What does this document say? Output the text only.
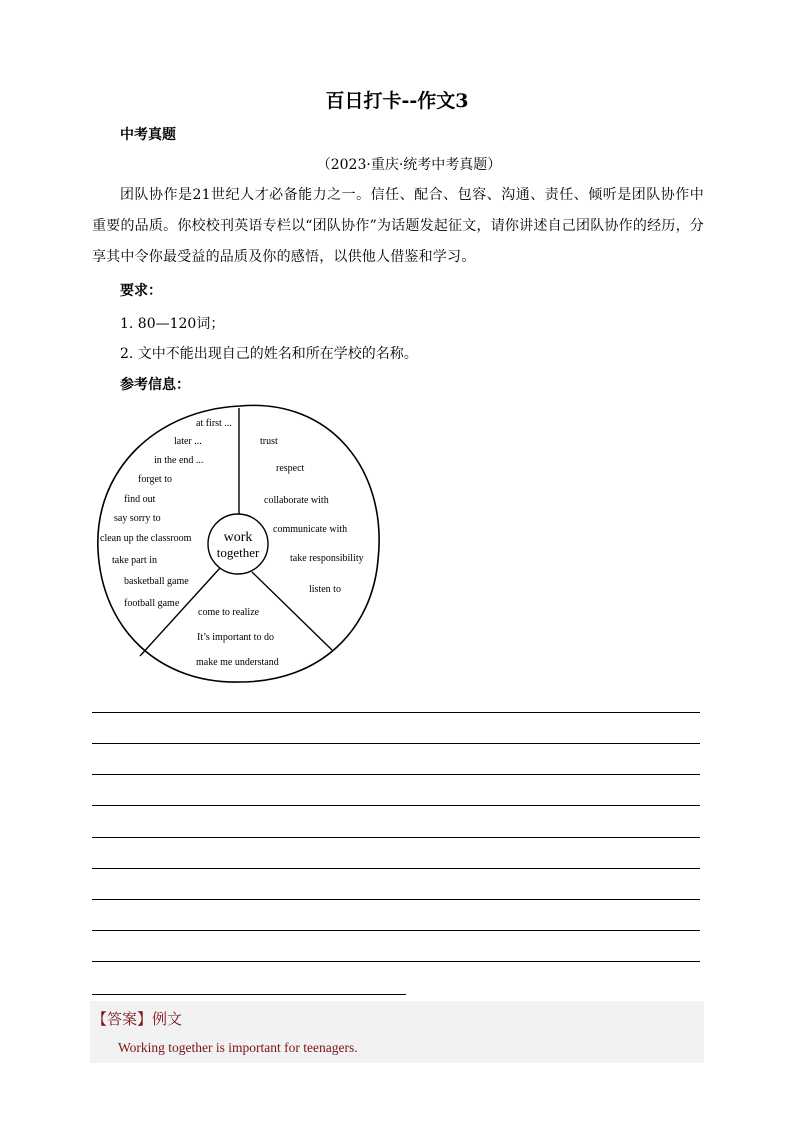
百日打卡--作文3
中考真题
（2023·重庆·统考中考真题）
团队协作是21世纪人才必备能力之一。信任、配合、包容、沟通、责任、倾听是团队协作中重要的品质。你校校刊英语专栏以“团队协作”为话题发起征文，请你讲述自己团队协作的经历，分享其中令你最受益的品质及你的感悟，以供他人借鉴和学习。
要求：
1. 80—120词；
2. 文中不能出现自己的姓名和所在学校的名称。
参考信息：
work
together
at first ...
later ...
in the end ...
forget to
find out
say sorry to
clean up the classroom
take part in
basketball game
football game
trust
respect
collaborate with
communicate with
take responsibility
listen to
come to realize
It’s important to do
make me understand
【答案】例文
Working together is important for teenagers.
